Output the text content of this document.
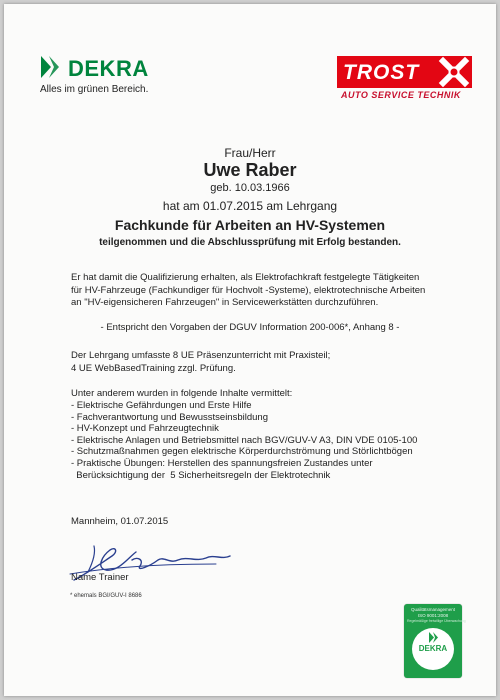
DEKRA
Alles im grünen Bereich.
TROST
AUTO SERVICE TECHNIK
Frau/Herr
Uwe Raber
geb. 10.03.1966
hat am 01.07.2015 am Lehrgang
Fachkunde für Arbeiten an HV-Systemen
teilgenommen und die Abschlussprüfung mit Erfolg bestanden.
Er hat damit die Qualifizierung erhalten, als Elektrofachkraft festgelegte Tätigkeiten
für HV-Fahrzeuge (Fachkundiger für Hochvolt -Systeme), elektrotechnische Arbeiten
an "HV-eigensicheren Fahrzeugen" in Servicewerkstätten durchzuführen.
- Entspricht den Vorgaben der DGUV Information 200-006*, Anhang 8 -
Der Lehrgang umfasste 8 UE Präsenzunterricht mit Praxisteil;
4 UE WebBasedTraining zzgl. Prüfung.
Unter anderem wurden in folgende Inhalte vermittelt:
- Elektrische Gefährdungen und Erste Hilfe
- Fachverantwortung und Bewusstseinsbildung
- HV-Konzept und Fahrzeugtechnik
- Elektrische Anlagen und Betriebsmittel nach BGV/GUV-V A3, DIN VDE 0105-100
- Schutzmaßnahmen gegen elektrische Körperdurchströmung und Störlichtbögen
- Praktische Übungen: Herstellen des spannungsfreien Zustandes unter
Berücksichtigung der  5 Sicherheitsregeln der Elektrotechnik
Mannheim, 01.07.2015
Name Trainer
* ehemals BGI/GUV-I 8686
Qualitätsmanagement
ISO 9001:2008
Regelmäßige freiwillige Überwachung
DEKRA
